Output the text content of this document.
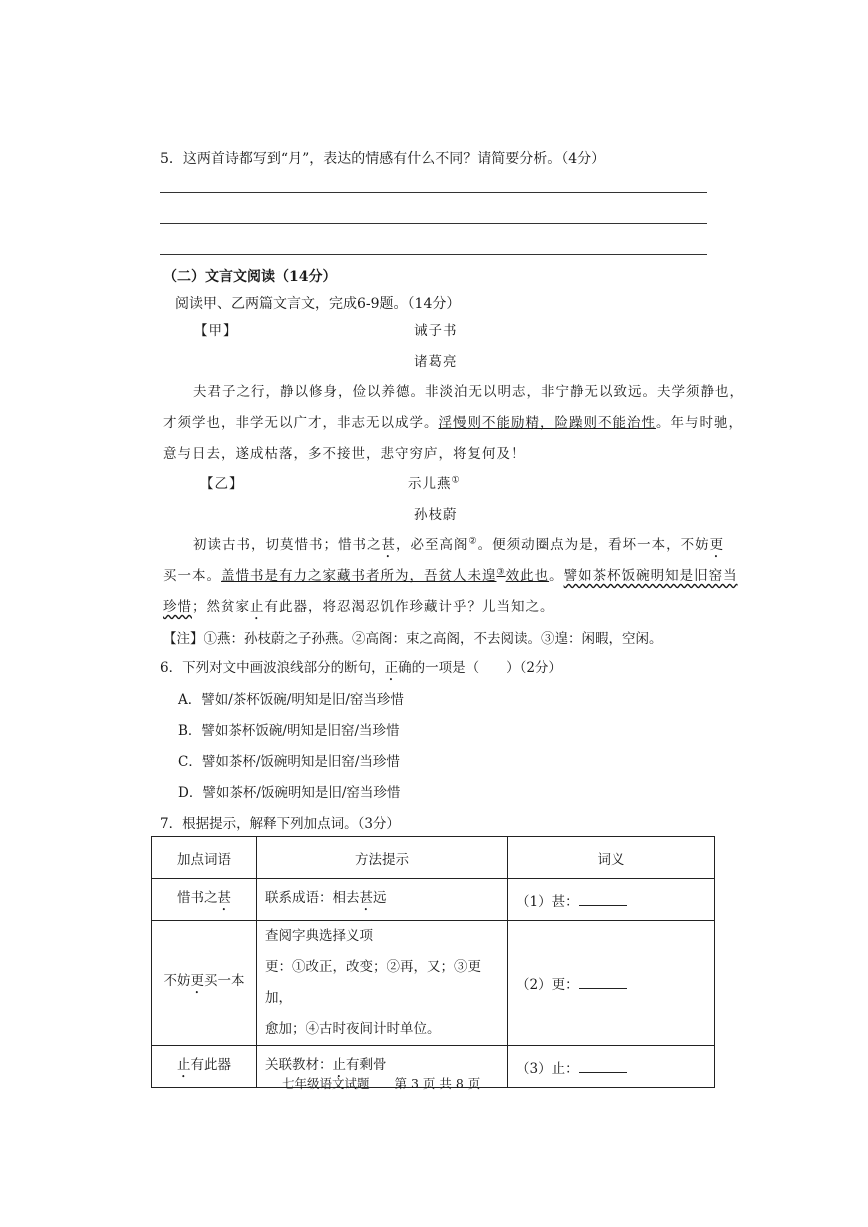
5．这两首诗都写到“月”，表达的情感有什么不同？请简要分析。（4分）
（二）文言文阅读（14分）
阅读甲、乙两篇文言文，完成6-9题。（14分）
【甲】	诫子书
诸葛亮
夫君子之行，静以修身，俭以养德。非淡泊无以明志，非宁静无以致远。夫学须静也，
才须学也，非学无以广才，非志无以成学。淫慢则不能励精，险躁则不能治性。年与时驰，
意与日去，遂成枯落，多不接世，悲守穷庐，将复何及！
【乙】	示儿燕①
孙枝蔚
初读古书，切莫惜书；惜书之甚，必至高阁②。便须动圈点为是，看坏一本，不妨更
买一本。盖惜书是有力之家藏书者所为，吾贫人未遑③效此也。譬如茶杯饭碗明知是旧窑当
珍惜；然贫家止有此器，将忍渴忍饥作珍藏计乎？儿当知之。
【注】①燕：孙枝蔚之子孙燕。②高阁：束之高阁，不去阅读。③遑：闲暇，空闲。
6．下列对文中画波浪线部分的断句，正确的一项是（　　）（2分）
A．譬如/茶杯饭碗/明知是旧/窑当珍惜
B．譬如茶杯饭碗/明知是旧窑/当珍惜
C．譬如茶杯/饭碗明知是旧窑/当珍惜
D．譬如茶杯/饭碗明知是旧/窑当珍惜
7．根据提示，解释下列加点词。（3分）
加点词语	方法提示	词义
惜书之甚	联系成语：相去甚远	（1）甚：
不妨更买一本	查阅字典选择义项
更：①改正，改变；②再，又；③更加，
愈加；④古时夜间计时单位。	（2）更：
止有此器	关联教材：止有剩骨	（3）止：
七年级语文试题　　第 3 页 共 8 页
